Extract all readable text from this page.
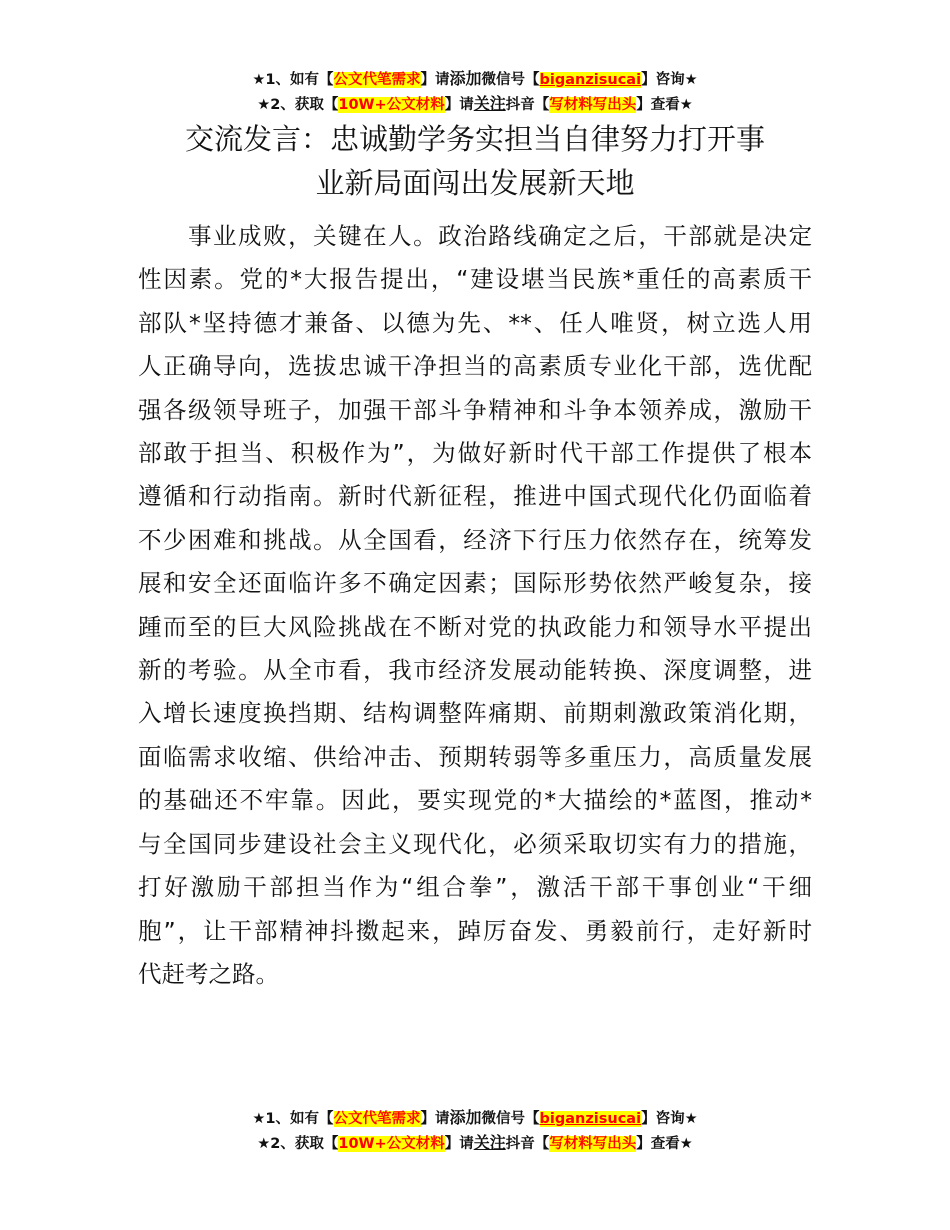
★1、如有【公文代笔需求】请添加微信号【biganzisucai】咨询★
★2、获取【10W+公文材料】请关注抖音【写材料写出头】查看★
交流发言：忠诚勤学务实担当自律努力打开事
业新局面闯出发展新天地
事业成败，关键在人。政治路线确定之后，干部就是决定
性因素。党的*大报告提出，“建设堪当民族*重任的高素质干
部队*坚持德才兼备、以德为先、**、任人唯贤，树立选人用
人正确导向，选拔忠诚干净担当的高素质专业化干部，选优配
强各级领导班子，加强干部斗争精神和斗争本领养成，激励干
部敢于担当、积极作为”，为做好新时代干部工作提供了根本
遵循和行动指南。新时代新征程，推进中国式现代化仍面临着
不少困难和挑战。从全国看，经济下行压力依然存在，统筹发
展和安全还面临许多不确定因素；国际形势依然严峻复杂，接
踵而至的巨大风险挑战在不断对党的执政能力和领导水平提出
新的考验。从全市看，我市经济发展动能转换、深度调整，进
入增长速度换挡期、结构调整阵痛期、前期刺激政策消化期，
面临需求收缩、供给冲击、预期转弱等多重压力，高质量发展
的基础还不牢靠。因此，要实现党的*大描绘的*蓝图，推动*
与全国同步建设社会主义现代化，必须采取切实有力的措施，
打好激励干部担当作为“组合拳”，激活干部干事创业“干细
胞”，让干部精神抖擞起来，踔厉奋发、勇毅前行，走好新时
代赶考之路。
★1、如有【公文代笔需求】请添加微信号【biganzisucai】咨询★
★2、获取【10W+公文材料】请关注抖音【写材料写出头】查看★
